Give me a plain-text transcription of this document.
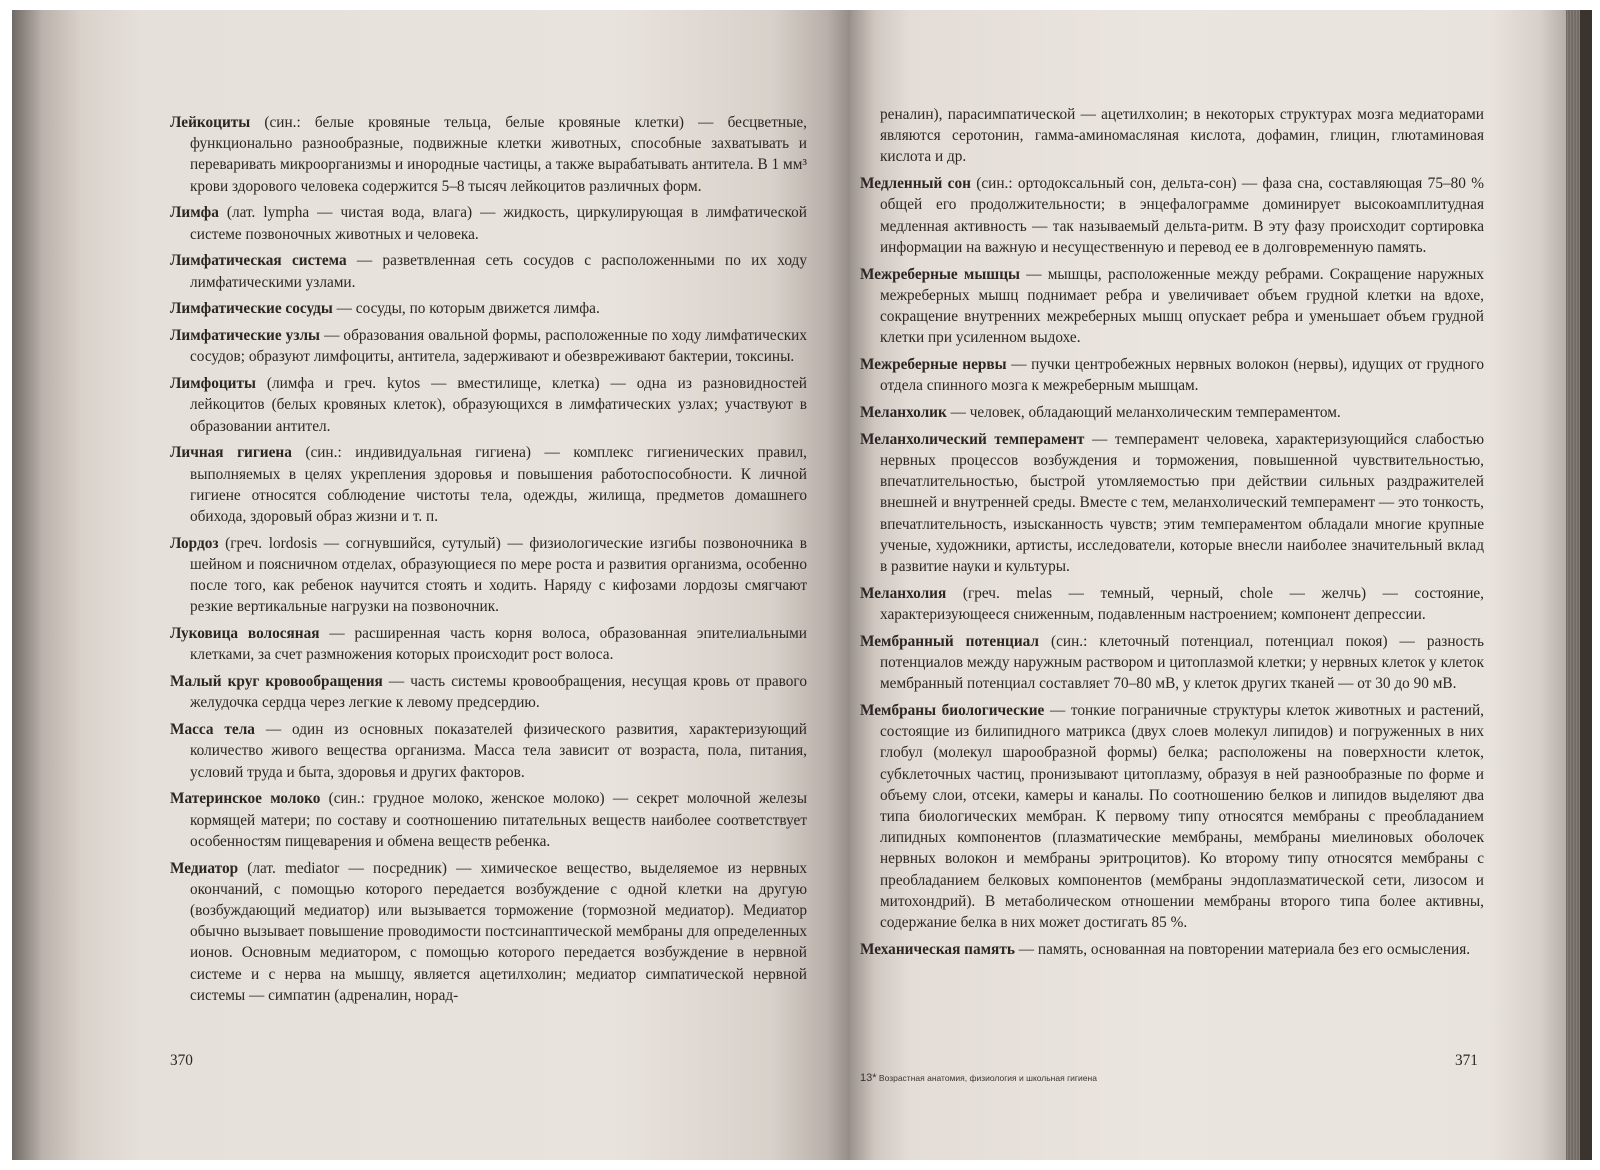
Лейкоциты (син.: белые кровяные тельца, белые кровяные клетки) — бесцветные, функционально разнообразные, подвижные клетки животных, способные захватывать и переваривать микроорганизмы и инородные частицы, а также вырабатывать антитела. В 1 мм³ крови здорового человека содержится 5–8 тысяч лейкоцитов различных форм.

Лимфа (лат. lympha — чистая вода, влага) — жидкость, циркулирующая в лимфатической системе позвоночных животных и человека.

Лимфатическая система — разветвленная сеть сосудов с расположенными по их ходу лимфатическими узлами.

Лимфатические сосуды — сосуды, по которым движется лимфа.

Лимфатические узлы — образования овальной формы, расположенные по ходу лимфатических сосудов; образуют лимфоциты, антитела, задерживают и обезвреживают бактерии, токсины.

Лимфоциты (лимфа и греч. kytos — вместилище, клетка) — одна из разновидностей лейкоцитов (белых кровяных клеток), образующихся в лимфатических узлах; участвуют в образовании антител.

Личная гигиена (син.: индивидуальная гигиена) — комплекс гигиенических правил, выполняемых в целях укрепления здоровья и повышения работоспособности. К личной гигиене относятся соблюдение чистоты тела, одежды, жилища, предметов домашнего обихода, здоровый образ жизни и т. п.

Лордоз (греч. lordosis — согнувшийся, сутулый) — физиологические изгибы позвоночника в шейном и поясничном отделах, образующиеся по мере роста и развития организма, особенно после того, как ребенок научится стоять и ходить. Наряду с кифозами лордозы смягчают резкие вертикальные нагрузки на позвоночник.

Луковица волосяная — расширенная часть корня волоса, образованная эпителиальными клетками, за счет размножения которых происходит рост волоса.

Малый круг кровообращения — часть системы кровообращения, несущая кровь от правого желудочка сердца через легкие к левому предсердию.

Масса тела — один из основных показателей физического развития, характеризующий количество живого вещества организма. Масса тела зависит от возраста, пола, питания, условий труда и быта, здоровья и других факторов.

Материнское молоко (син.: грудное молоко, женское молоко) — секрет молочной железы кормящей матери; по составу и соотношению питательных веществ наиболее соответствует особенностям пищеварения и обмена веществ ребенка.

Медиатор (лат. mediator — посредник) — химическое вещество, выделяемое из нервных окончаний, с помощью которого передается возбуждение с одной клетки на другую (возбуждающий медиатор) или вызывается торможение (тормозной медиатор). Медиатор обычно вызывает повышение проводимости постсинаптической мембраны для определенных ионов. Основным медиатором, с помощью которого передается возбуждение в нервной системе и с нерва на мышцу, является ацетилхолин; медиатор симпатической нервной системы — симпатин (адреналин, норад-

370

реналин), парасимпатической — ацетилхолин; в некоторых структурах мозга медиаторами являются серотонин, гамма-аминомасляная кислота, дофамин, глицин, глютаминовая кислота и др.

Медленный сон (син.: ортодоксальный сон, дельта-сон) — фаза сна, составляющая 75–80 % общей его продолжительности; в энцефалограмме доминирует высокоамплитудная медленная активность — так называемый дельта-ритм. В эту фазу происходит сортировка информации на важную и несущественную и перевод ее в долговременную память.

Межреберные мышцы — мышцы, расположенные между ребрами. Сокращение наружных межреберных мышц поднимает ребра и увеличивает объем грудной клетки на вдохе, сокращение внутренних межреберных мышц опускает ребра и уменьшает объем грудной клетки при усиленном выдохе.

Межреберные нервы — пучки центробежных нервных волокон (нервы), идущих от грудного отдела спинного мозга к межреберным мышцам.

Меланхолик — человек, обладающий меланхолическим темпераментом.

Меланхолический темперамент — темперамент человека, характеризующийся слабостью нервных процессов возбуждения и торможения, повышенной чувствительностью, впечатлительностью, быстрой утомляемостью при действии сильных раздражителей внешней и внутренней среды. Вместе с тем, меланхолический темперамент — это тонкость, впечатлительность, изысканность чувств; этим темпераментом обладали многие крупные ученые, художники, артисты, исследователи, которые внесли наиболее значительный вклад в развитие науки и культуры.

Меланхолия (греч. melas — темный, черный, chole — желчь) — состояние, характеризующееся сниженным, подавленным настроением; компонент депрессии.

Мембранный потенциал (син.: клеточный потенциал, потенциал покоя) — разность потенциалов между наружным раствором и цитоплазмой клетки; у нервных клеток у клеток мембранный потенциал составляет 70–80 мВ, у клеток других тканей — от 30 до 90 мВ.

Мембраны биологические — тонкие пограничные структуры клеток животных и растений, состоящие из билипидного матрикса (двух слоев молекул липидов) и погруженных в них глобул (молекул шарообразной формы) белка; расположены на поверхности клеток, субклеточных частиц, пронизывают цитоплазму, образуя в ней разнообразные по форме и объему слои, отсеки, камеры и каналы. По соотношению белков и липидов выделяют два типа биологических мембран. К первому типу относятся мембраны с преобладанием липидных компонентов (плазматические мембраны, мембраны миелиновых оболочек нервных волокон и мембраны эритроцитов). Ко второму типу относятся мембраны с преобладанием белковых компонентов (мембраны эндоплазматической сети, лизосом и митохондрий). В метаболическом отношении мембраны второго типа более активны, содержание белка в них может достигать 85 %.

Механическая память — память, основанная на повторении материала без его осмысления.

371
13* Возрастная анатомия, физиология и школьная гигиена
